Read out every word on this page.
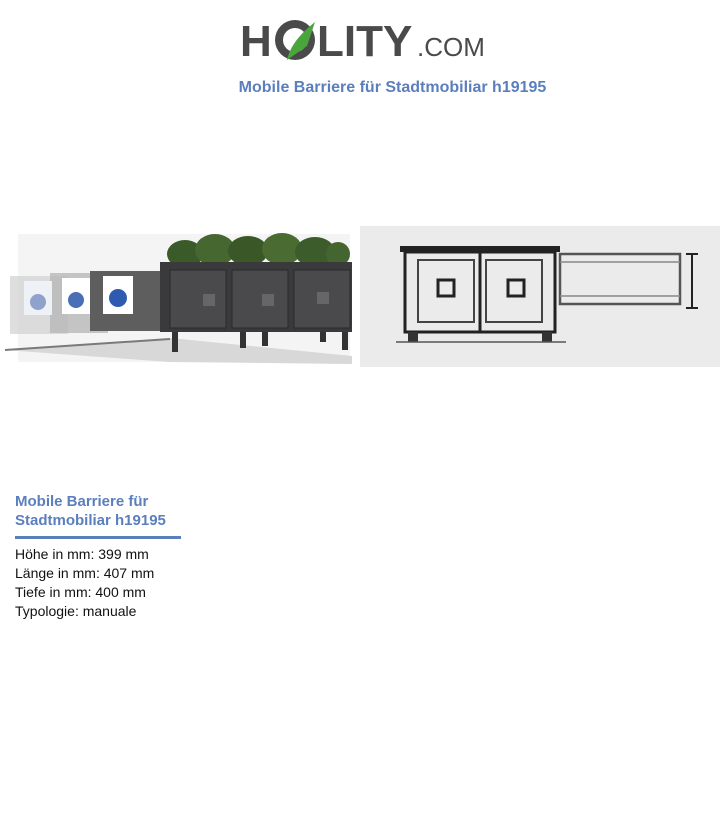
H LITY .COM
Mobile Barriere für Stadtmobiliar h19195
Mobile Barriere für Stadtmobiliar h19195
Höhe in mm: 399 mm
Länge in mm: 407 mm
Tiefe in mm: 400 mm
Typologie: manuale
